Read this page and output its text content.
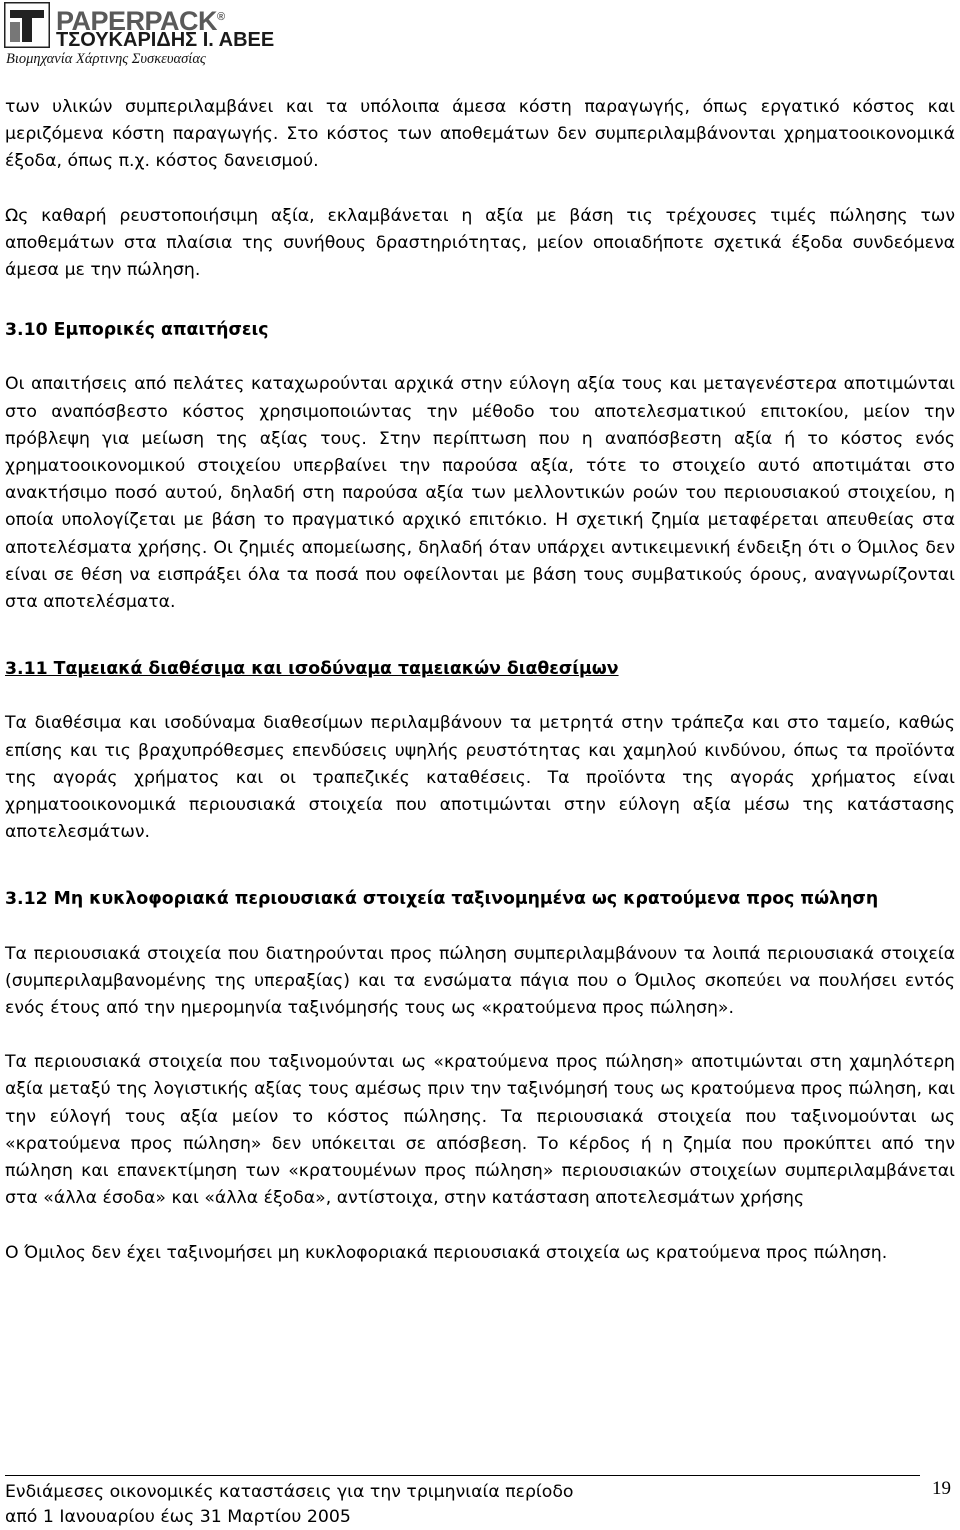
PAPERPACK®
ΤΣΟΥΚΑΡΙΔΗΣ Ι. ΑΒΕΕ
Βιομηχανία Χάρτινης Συσκευασίας

των υλικών συμπεριλαμβάνει και τα υπόλοιπα άμεσα κόστη παραγωγής, όπως εργατικό κόστος και μεριζόμενα κόστη παραγωγής. Στο κόστος των αποθεμάτων δεν συμπεριλαμβάνονται χρηματοοικονομικά έξοδα, όπως π.χ. κόστος δανεισμού.

Ως καθαρή ρευστοποιήσιμη αξία, εκλαμβάνεται η αξία με βάση τις τρέχουσες τιμές πώλησης των αποθεμάτων στα πλαίσια της συνήθους δραστηριότητας, μείον οποιαδήποτε σχετικά έξοδα συνδεόμενα άμεσα με την πώληση.

3.10 Εμπορικές απαιτήσεις

Οι απαιτήσεις από πελάτες καταχωρούνται αρχικά στην εύλογη αξία τους και μεταγενέστερα αποτιμώνται στο αναπόσβεστο κόστος χρησιμοποιώντας την μέθοδο του αποτελεσματικού επιτοκίου, μείον την πρόβλεψη για μείωση της αξίας τους. Στην περίπτωση που η αναπόσβεστη αξία ή το κόστος ενός χρηματοοικονομικού στοιχείου υπερβαίνει την παρούσα αξία, τότε το στοιχείο αυτό αποτιμάται στο ανακτήσιμο ποσό αυτού, δηλαδή στη παρούσα αξία των μελλοντικών ροών του περιουσιακού στοιχείου, η οποία υπολογίζεται με βάση το πραγματικό αρχικό επιτόκιο. Η σχετική ζημία μεταφέρεται απευθείας στα αποτελέσματα χρήσης. Οι ζημιές απομείωσης, δηλαδή όταν υπάρχει αντικειμενική ένδειξη ότι ο Όμιλος δεν είναι σε θέση να εισπράξει όλα τα ποσά που οφείλονται με βάση τους συμβατικούς όρους, αναγνωρίζονται στα αποτελέσματα.

3.11 Ταμειακά διαθέσιμα και ισοδύναμα ταμειακών διαθεσίμων

Τα διαθέσιμα και ισοδύναμα διαθεσίμων περιλαμβάνουν τα μετρητά στην τράπεζα και στο ταμείο, καθώς επίσης και τις βραχυπρόθεσμες επενδύσεις υψηλής ρευστότητας και χαμηλού κινδύνου, όπως τα προϊόντα της αγοράς χρήματος και οι τραπεζικές καταθέσεις. Τα προϊόντα της αγοράς χρήματος είναι χρηματοοικονομικά περιουσιακά στοιχεία που αποτιμώνται στην εύλογη αξία μέσω της κατάστασης αποτελεσμάτων.

3.12 Μη κυκλοφοριακά περιουσιακά στοιχεία ταξινομημένα ως κρατούμενα προς πώληση

Τα περιουσιακά στοιχεία που διατηρούνται προς πώληση συμπεριλαμβάνουν τα λοιπά περιουσιακά στοιχεία (συμπεριλαμβανομένης της υπεραξίας) και τα ενσώματα πάγια που ο Όμιλος σκοπεύει να πουλήσει εντός ενός έτους από την ημερομηνία ταξινόμησής τους ως «κρατούμενα προς πώληση».

Τα περιουσιακά στοιχεία που ταξινομούνται ως «κρατούμενα προς πώληση» αποτιμώνται στη χαμηλότερη αξία μεταξύ της λογιστικής αξίας τους αμέσως πριν την ταξινόμησή τους ως κρατούμενα προς πώληση, και την εύλογή τους αξία μείον το κόστος πώλησης. Τα περιουσιακά στοιχεία που ταξινομούνται ως «κρατούμενα προς πώληση» δεν υπόκειται σε απόσβεση. Το κέρδος ή η ζημία που προκύπτει από την πώληση και επανεκτίμηση των «κρατουμένων προς πώληση» περιουσιακών στοιχείων συμπεριλαμβάνεται στα «άλλα έσοδα» και «άλλα έξοδα», αντίστοιχα, στην κατάσταση αποτελεσμάτων χρήσης

Ο Όμιλος δεν έχει ταξινομήσει μη κυκλοφοριακά περιουσιακά στοιχεία ως κρατούμενα προς πώληση.

Ενδιάμεσες οικονομικές καταστάσεις για την τριμηνιαία περίοδο
από 1 Ιανουαρίου έως 31 Μαρτίου 2005
19
